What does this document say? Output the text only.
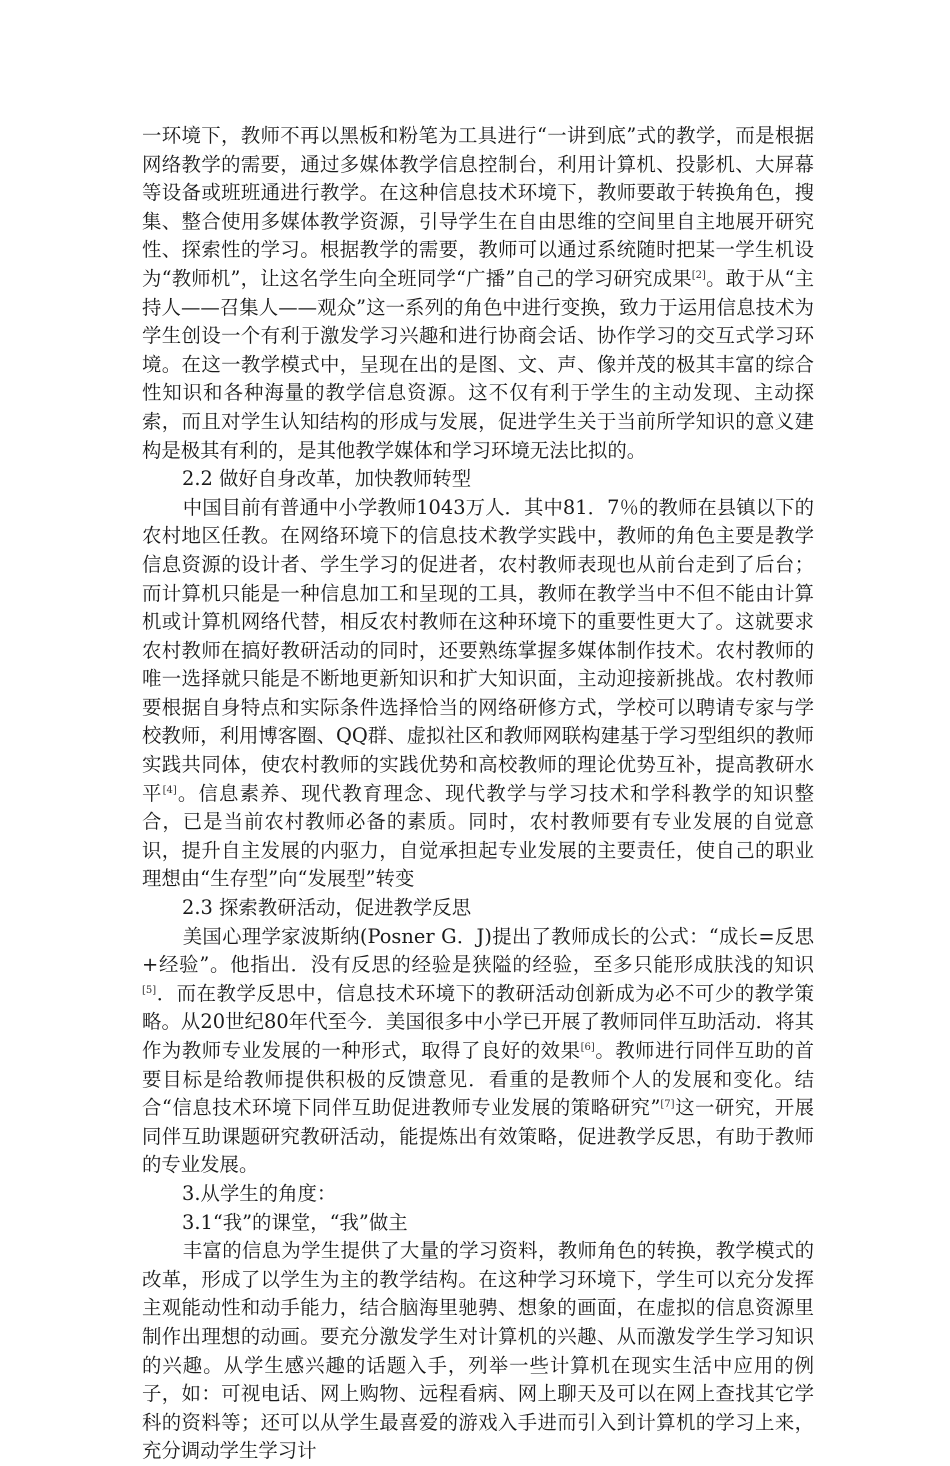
一环境下，教师不再以黑板和粉笔为工具进行“一讲到底”式的教学，而是根据网络教学的需要，通过多媒体教学信息控制台，利用计算机、投影机、大屏幕等设备或班班通进行教学。在这种信息技术环境下，教师要敢于转换角色，搜集、整合使用多媒体教学资源，引导学生在自由思维的空间里自主地展开研究性、探索性的学习。根据教学的需要，教师可以通过系统随时把某一学生机设为“教师机”，让这名学生向全班同学“广播”自己的学习研究成果[2]。敢于从“主持人——召集人——观众”这一系列的角色中进行变换，致力于运用信息技术为学生创设一个有利于激发学习兴趣和进行协商会话、协作学习的交互式学习环境。在这一教学模式中，呈现在出的是图、文、声、像并茂的极其丰富的综合性知识和各种海量的教学信息资源。这不仅有利于学生的主动发现、主动探索，而且对学生认知结构的形成与发展，促进学生关于当前所学知识的意义建构是极其有利的，是其他教学媒体和学习环境无法比拟的。

2.2 做好自身改革，加快教师转型

中国目前有普通中小学教师1043万人．其中81．7％的教师在县镇以下的农村地区任教。在网络环境下的信息技术教学实践中，教师的角色主要是教学信息资源的设计者、学生学习的促进者，农村教师表现也从前台走到了后台；而计算机只能是一种信息加工和呈现的工具，教师在教学当中不但不能由计算机或计算机网络代替，相反农村教师在这种环境下的重要性更大了。这就要求农村教师在搞好教研活动的同时，还要熟练掌握多媒体制作技术。农村教师的唯一选择就只能是不断地更新知识和扩大知识面，主动迎接新挑战。农村教师要根据自身特点和实际条件选择恰当的网络研修方式，学校可以聘请专家与学校教师，利用博客圈、QQ群、虚拟社区和教师网联构建基于学习型组织的教师实践共同体，使农村教师的实践优势和高校教师的理论优势互补，提高教研水平[4]。信息素养、现代教育理念、现代教学与学习技术和学科教学的知识整合，已是当前农村教师必备的素质。同时，农村教师要有专业发展的自觉意识，提升自主发展的内驱力，自觉承担起专业发展的主要责任，使自己的职业理想由“生存型”向“发展型”转变

2.3 探索教研活动，促进教学反思

美国心理学家波斯纳(Posner G．J)提出了教师成长的公式：“成长=反思+经验”。他指出．没有反思的经验是狭隘的经验，至多只能形成肤浅的知识[5]．而在教学反思中，信息技术环境下的教研活动创新成为必不可少的教学策略。从20世纪80年代至今．美国很多中小学已开展了教师同伴互助活动．将其作为教师专业发展的一种形式，取得了良好的效果[6]。教师进行同伴互助的首要目标是给教师提供积极的反馈意见．看重的是教师个人的发展和变化。结合“信息技术环境下同伴互助促进教师专业发展的策略研究”[7]这一研究，开展同伴互助课题研究教研活动，能提炼出有效策略，促进教学反思，有助于教师的专业发展。

3.从学生的角度：
3.1“我”的课堂，“我”做主

丰富的信息为学生提供了大量的学习资料，教师角色的转换，教学模式的改革，形成了以学生为主的教学结构。在这种学习环境下，学生可以充分发挥主观能动性和动手能力，结合脑海里驰骋、想象的画面，在虚拟的信息资源里制作出理想的动画。要充分激发学生对计算机的兴趣、从而激发学生学习知识的兴趣。从学生感兴趣的话题入手，列举一些计算机在现实生活中应用的例子，如：可视电话、网上购物、远程看病、网上聊天及可以在网上查找其它学科的资料等；还可以从学生最喜爱的游戏入手进而引入到计算机的学习上来，充分调动学生学习计
